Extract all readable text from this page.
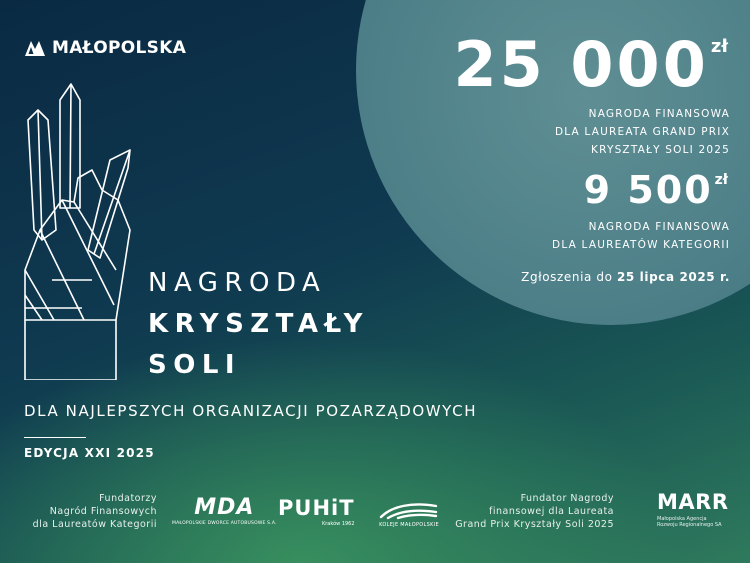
MAŁOPOLSKA	25 000 $^{zł}$
NAGRODA FINANSOWA
DLA LAUREATA GRAND PRIX
KRYSZTAŁY SOLI 2025
9 500 $^{zł}$
NAGRODA FINANSOWA
DLA LAUREATÓW KATEGORII
Zgłoszenia do 25 lipca 2025 r.
NAGRODA
KRYSZTAŁY
SOLI
DLA NAJLEPSZYCH ORGANIZACJI POZARZĄDOWYCH
EDYCJA XXI 2025
Fundatorzy
Nagród Finansowych
dla Laureatów Kategorii
MDA
MAŁOPOLSKIE DWORCE AUTOBUSOWE S.A.
PUHiT
Kraków 1962	KOLEJE MAŁOPOLSKIE
Fundator Nagrody
finansowej dla Laureata
Grand Prix Kryształy Soli 2025
MARR
Małopolska Agencja
Rozwoju Regionalnego SA
